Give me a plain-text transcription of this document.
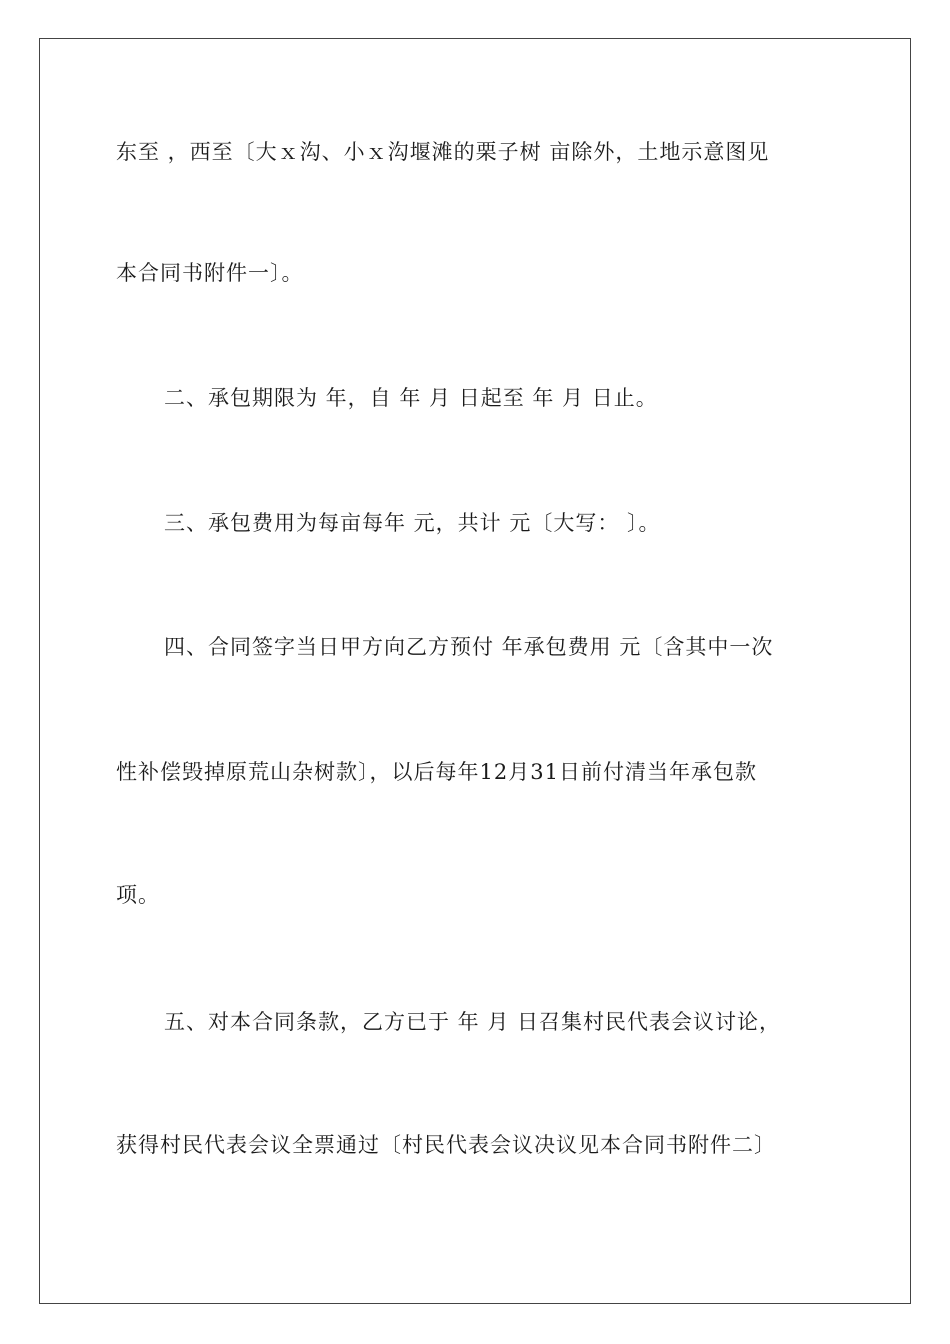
东至 ，西至〔大ｘ沟、小ｘ沟堰滩的栗子树 亩除外，土地示意图见
本合同书附件一〕。
二、承包期限为 年，自 年 月 日起至 年 月 日止。
三、承包费用为每亩每年 元，共计 元〔大写： 〕。
四、合同签字当日甲方向乙方预付 年承包费用 元〔含其中一次
性补偿毁掉原荒山杂树款〕，以后每年12月31日前付清当年承包款
项。
五、对本合同条款，乙方已于 年 月 日召集村民代表会议讨论，
获得村民代表会议全票通过〔村民代表会议决议见本合同书附件二〕
